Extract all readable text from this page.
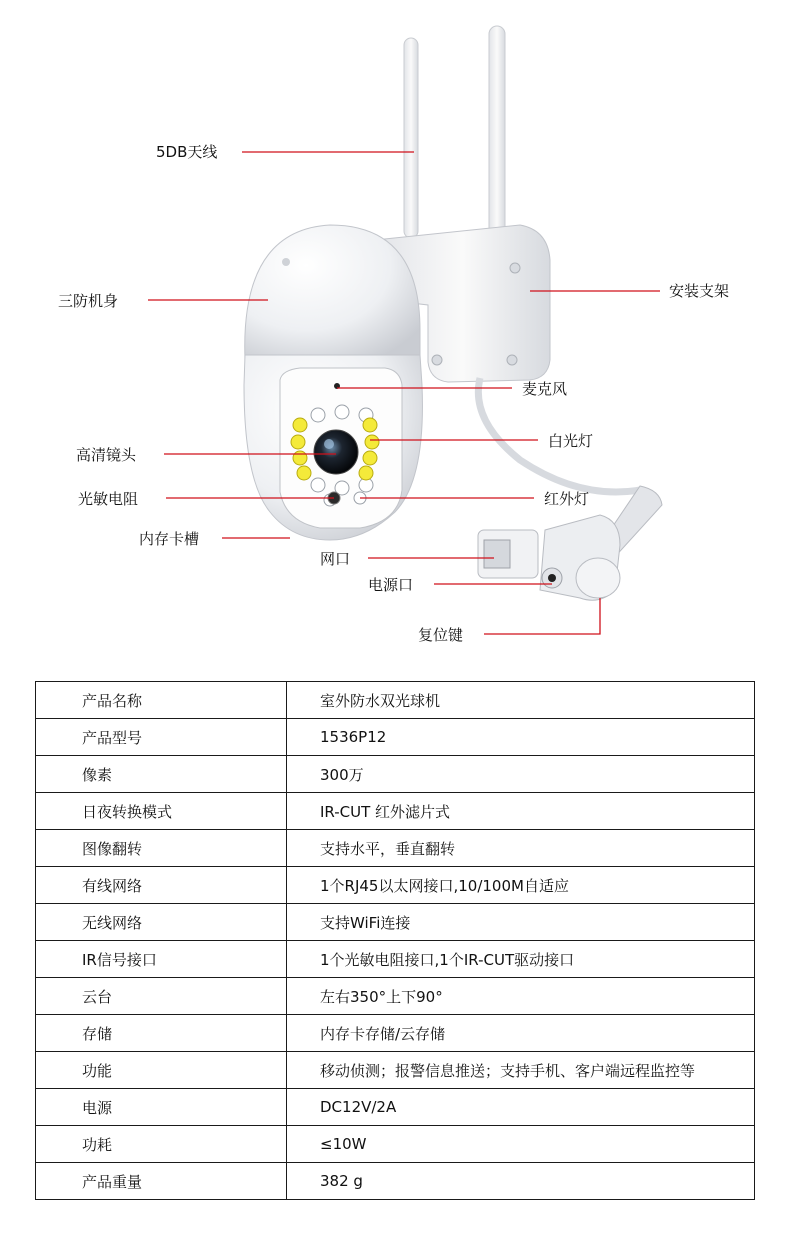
5DB天线
三防机身
安装支架
麦克风
白光灯
高清镜头
光敏电阻	红外灯
内存卡槽
网口
电源口
复位键
产品名称	室外防水双光球机
产品型号	1536P12
像素	300万
日夜转换模式	IR-CUT 红外滤片式
图像翻转	支持水平，垂直翻转
有线网络	1个RJ45以太网接口,10/100M自适应
无线网络	支持WiFi连接
IR信号接口	1个光敏电阻接口,1个IR-CUT驱动接口
云台	左右350°上下90°
存储	内存卡存储/云存储
功能	移动侦测；报警信息推送；支持手机、客户端远程监控等
电源	DC12V/2A
功耗	≤10W
产品重量	382 g
